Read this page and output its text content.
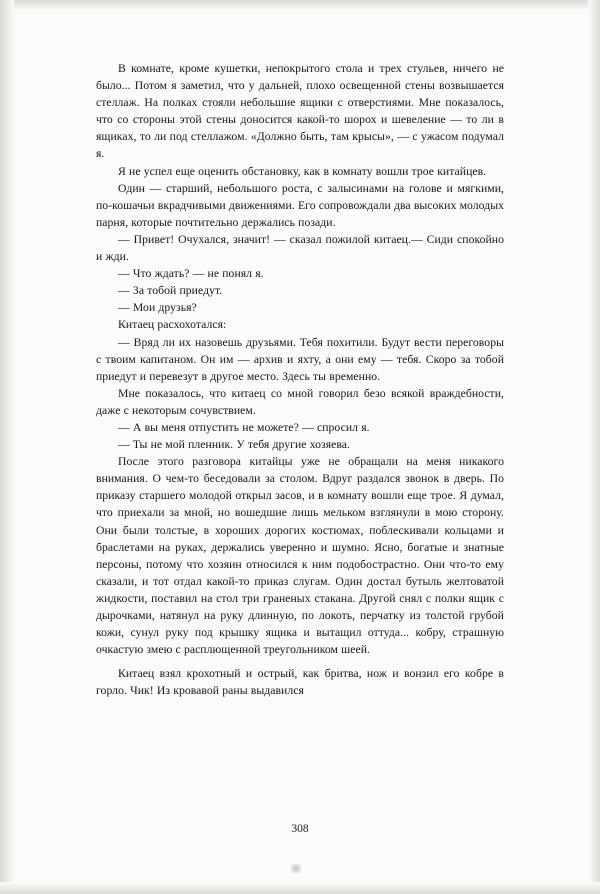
В комнате, кроме кушетки, непокрытого стола и трех стульев, ничего не было... Потом я заметил, что у дальней, плохо освещенной стены возвышается стеллаж. На полках стояли небольшие ящики с отверстиями. Мне показалось, что со стороны этой стены доносится какой-то шорох и шевеление — то ли в ящиках, то ли под стеллажом. «Должно быть, там крысы», — с ужасом подумал я.

Я не успел еще оценить обстановку, как в комнату вошли трое китайцев.

Один — старший, небольшого роста, с залысинами на голове и мягкими, по-кошачьи вкрадчивыми движениями. Его сопровождали два высоких молодых парня, которые почтительно держались позади.

— Привет! Очухался, значит! — сказал пожилой китаец.— Сиди спокойно и жди.

— Что ждать? — не понял я.

— За тобой приедут.

— Мои друзья?

Китаец расхохотался:

— Вряд ли их назовешь друзьями. Тебя похитили. Будут вести переговоры с твоим капитаном. Он им — архив и яхту, а они ему — тебя. Скоро за тобой приедут и перевезут в другое место. Здесь ты временно.

Мне показалось, что китаец со мной говорил безо всякой враждебности, даже с некоторым сочувствием.

— А вы меня отпустить не можете? — спросил я.

— Ты не мой пленник. У тебя другие хозяева.

После этого разговора китайцы уже не обращали на меня никакого внимания. О чем-то беседовали за столом. Вдруг раздался звонок в дверь. По приказу старшего молодой открыл засов, и в комнату вошли еще трое. Я думал, что приехали за мной, но вошедшие лишь мельком взглянули в мою сторону. Они были толстые, в хороших дорогих костюмах, поблескивали кольцами и браслетами на руках, держались уверенно и шумно. Ясно, богатые и знатные персоны, потому что хозяин относился к ним подобострастно. Они что-то ему сказали, и тот отдал какой-то приказ слугам. Один достал бутыль желтоватой жидкости, поставил на стол три граненых стакана. Другой снял с полки ящик с дырочками, натянул на руку длинную, по локоть, перчатку из толстой грубой кожи, сунул руку под крышку ящика и вытащил оттуда... кобру, страшную очкастую змею с расплющенной треугольником шеей.

Китаец взял крохотный и острый, как бритва, нож и вонзил его кобре в горло. Чик! Из кровавой раны выдавился

308
